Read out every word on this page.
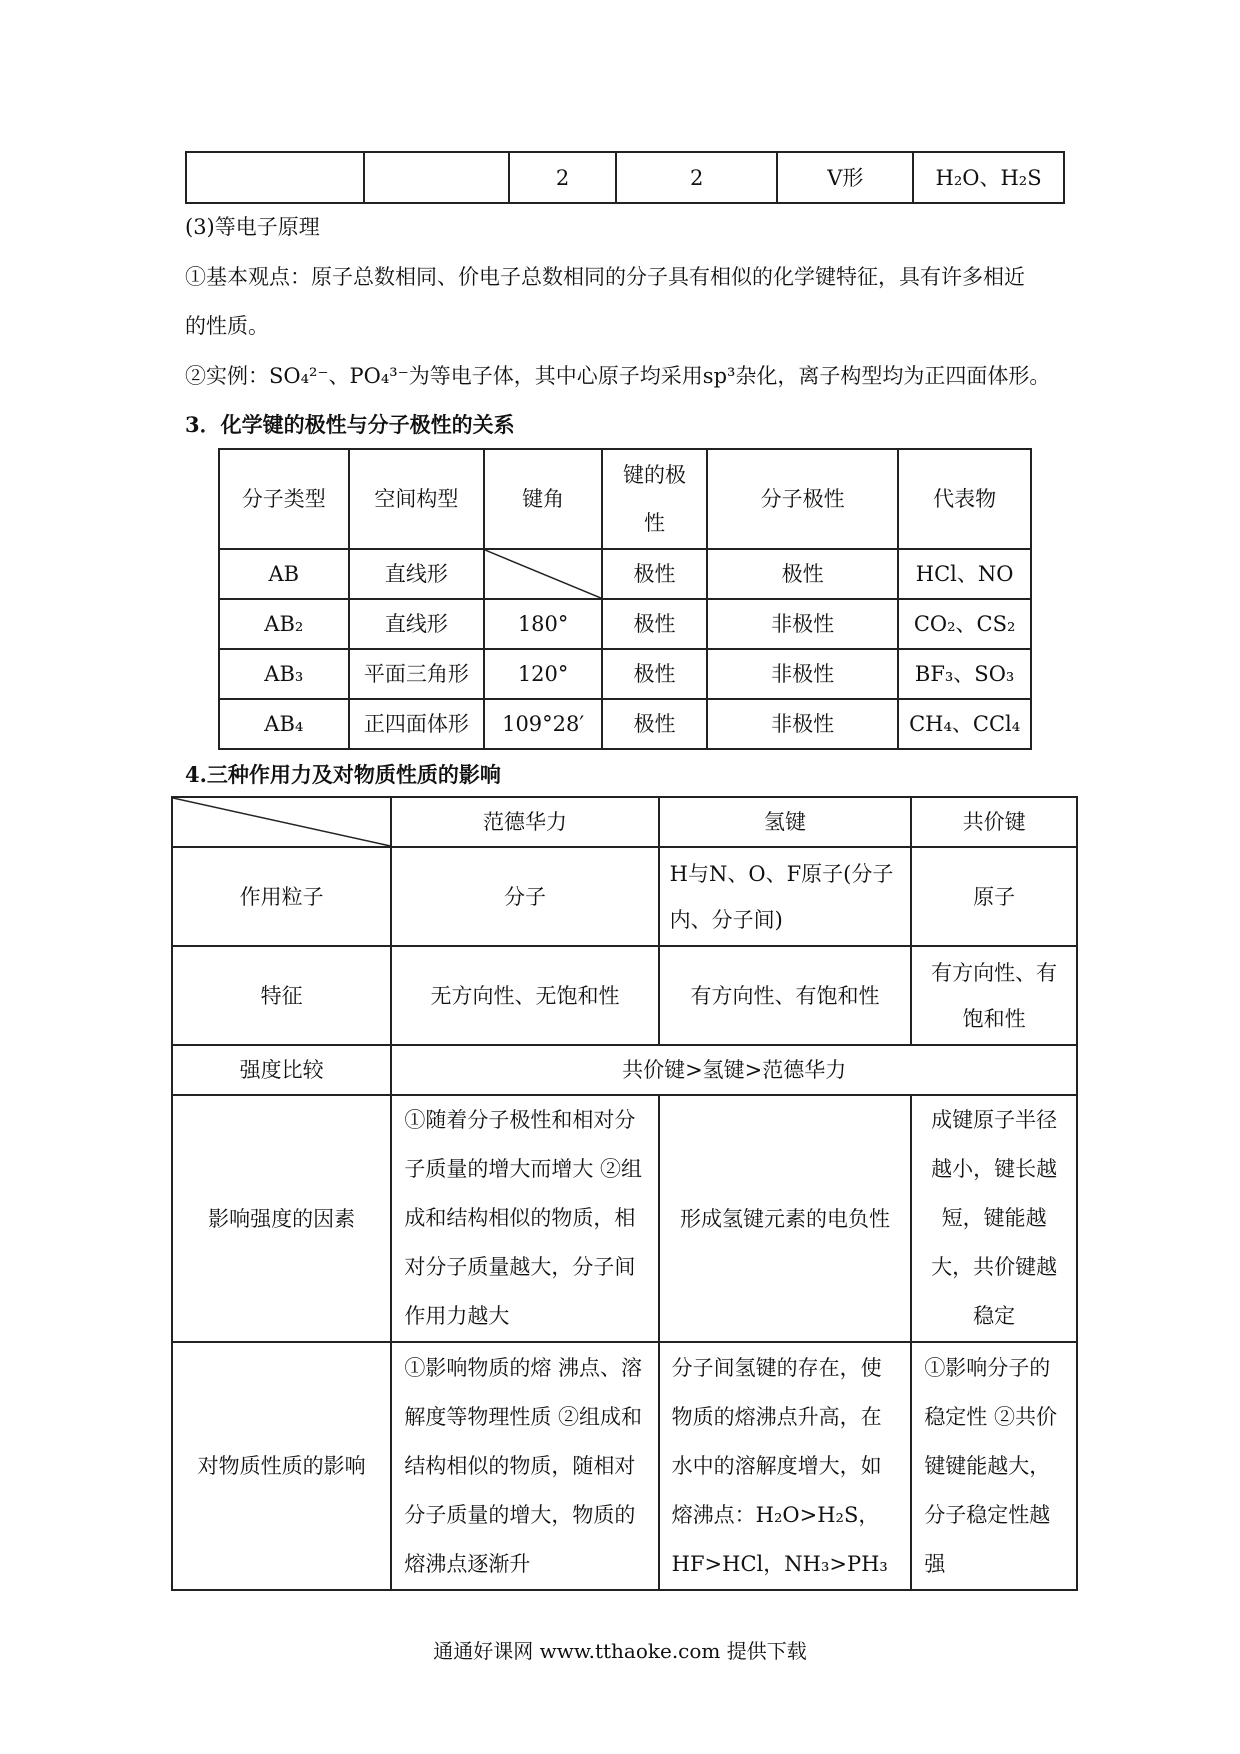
		2	2	V形	H₂O、H₂S
(3)等电子原理
①基本观点：原子总数相同、价电子总数相同的分子具有相似的化学键特征，具有许多相近
的性质。
②实例：SO₄²⁻、PO₄³⁻为等电子体，其中心原子均采用sp³杂化，离子构型均为正四面体形。
3．化学键的极性与分子极性的关系
分子类型	空间构型	键角	键的极性	分子极性	代表物
AB	直线形		极性	极性	HCl、NO
AB₂	直线形	180°	极性	非极性	CO₂、CS₂
AB₃	平面三角形	120°	极性	非极性	BF₃、SO₃
AB₄	正四面体形	109°28′	极性	非极性	CH₄、CCl₄
4.三种作用力及对物质性质的影响
	范德华力	氢键	共价键
作用粒子	分子	H与N、O、F原子(分子内、分子间)	原子
特征	无方向性、无饱和性	有方向性、有饱和性	有方向性、有饱和性
强度比较	共价键>氢键>范德华力		
影响强度的因素	①随着分子极性和相对分子质量的增大而增大 ②组成和结构相似的物质，相对分子质量越大，分子间作用力越大	形成氢键元素的电负性	成键原子半径越小，键长越短，键能越大，共价键越稳定
对物质性质的影响	①影响物质的熔 沸点、溶解度等物理性质 ②组成和结构相似的物质，随相对分子质量的增大，物质的熔沸点逐渐升	分子间氢键的存在，使物质的熔沸点升高，在水中的溶解度增大，如熔沸点：H₂O>H₂S，HF>HCl，NH₃>PH₃	①影响分子的稳定性 ②共价键键能越大，分子稳定性越强
通通好课网 www.tthaoke.com 提供下载
